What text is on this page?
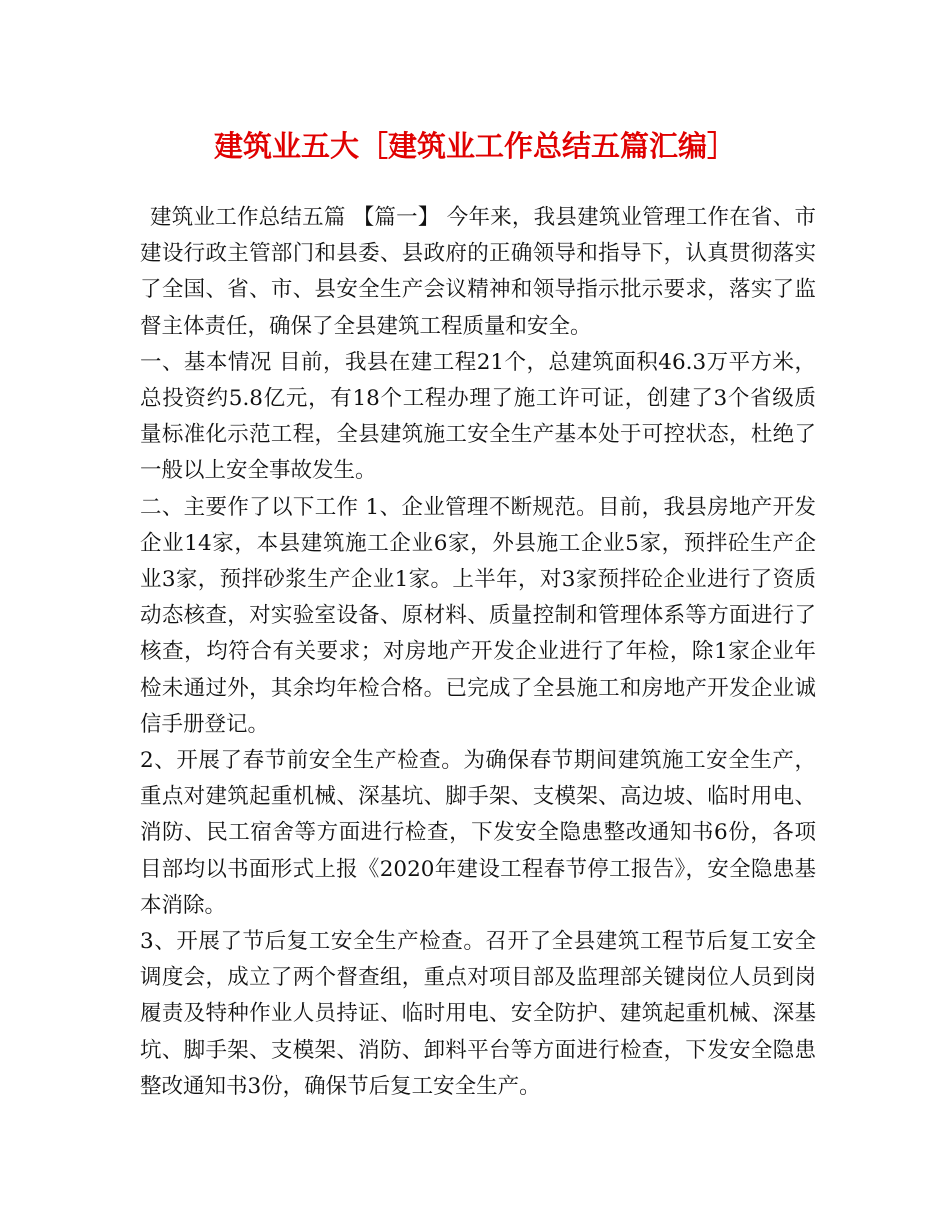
建筑业五大［建筑业工作总结五篇汇编］

建筑业工作总结五篇 【篇一】 今年来，我县建筑业管理工作在省、市建设行政主管部门和县委、县政府的正确领导和指导下，认真贯彻落实了全国、省、市、县安全生产会议精神和领导指示批示要求，落实了监督主体责任，确保了全县建筑工程质量和安全。

一、基本情况 目前，我县在建工程21个，总建筑面积46.3万平方米，总投资约5.8亿元，有18个工程办理了施工许可证，创建了3个省级质量标准化示范工程，全县建筑施工安全生产基本处于可控状态，杜绝了一般以上安全事故发生。

二、主要作了以下工作 1、企业管理不断规范。目前，我县房地产开发企业14家，本县建筑施工企业6家，外县施工企业5家，预拌砼生产企业3家，预拌砂浆生产企业1家。上半年，对3家预拌砼企业进行了资质动态核查，对实验室设备、原材料、质量控制和管理体系等方面进行了核查，均符合有关要求；对房地产开发企业进行了年检，除1家企业年检未通过外，其余均年检合格。已完成了全县施工和房地产开发企业诚信手册登记。

2、开展了春节前安全生产检查。为确保春节期间建筑施工安全生产，重点对建筑起重机械、深基坑、脚手架、支模架、高边坡、临时用电、消防、民工宿舍等方面进行检查，下发安全隐患整改通知书6份，各项目部均以书面形式上报《2020年建设工程春节停工报告》，安全隐患基本消除。

3、开展了节后复工安全生产检查。召开了全县建筑工程节后复工安全调度会，成立了两个督查组，重点对项目部及监理部关键岗位人员到岗履责及特种作业人员持证、临时用电、安全防护、建筑起重机械、深基坑、脚手架、支模架、消防、卸料平台等方面进行检查，下发安全隐患整改通知书3份，确保节后复工安全生产。
